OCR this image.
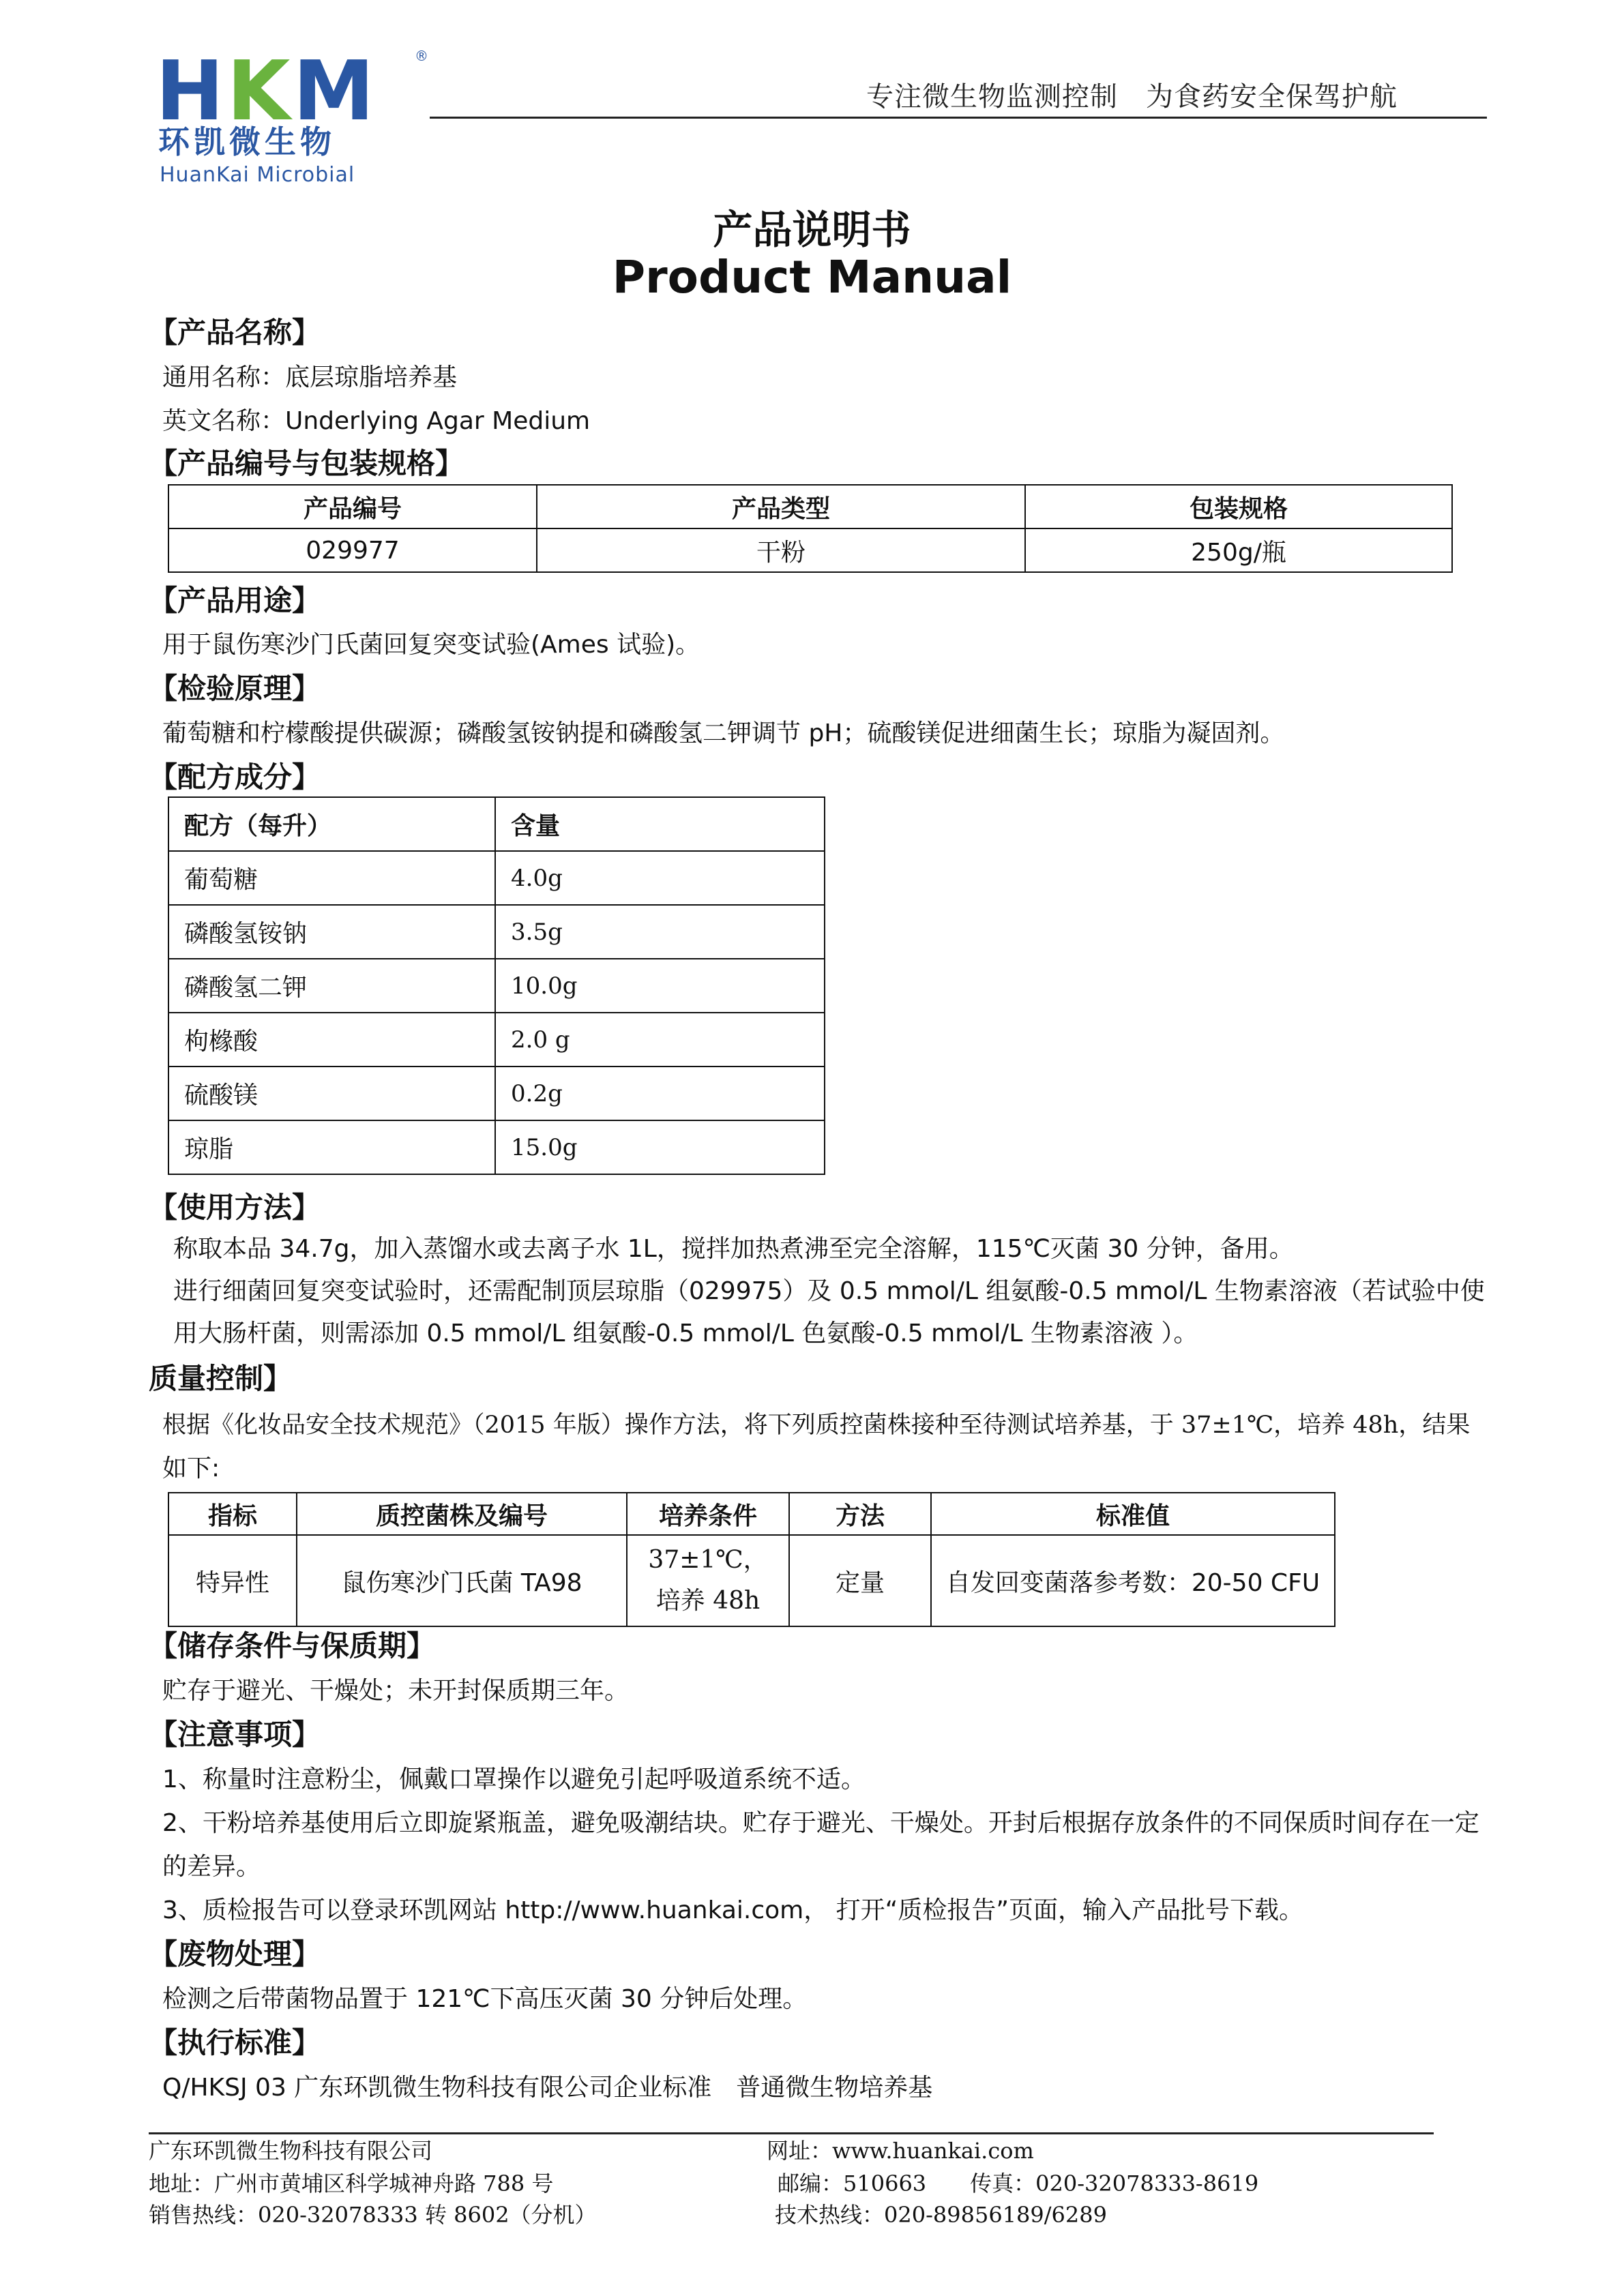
HKM	®
环凯微生物
HuanKai Microbial
专注微生物监测控制　为食药安全保驾护航
产品说明书
Product Manual
【产品名称】
通用名称：底层琼脂培养基
英文名称：Underlying Agar Medium
【产品编号与包装规格】
产品编号	产品类型	包装规格
029977	干粉	250g/瓶
【产品用途】
用于鼠伤寒沙门氏菌回复突变试验(Ames 试验)。
【检验原理】
葡萄糖和柠檬酸提供碳源；磷酸氢铵钠提和磷酸氢二钾调节 pH；硫酸镁促进细菌生长；琼脂为凝固剂。
【配方成分】
配方（每升）	含量
葡萄糖	4.0g
磷酸氢铵钠	3.5g
磷酸氢二钾	10.0g
枸橼酸	2.0 g
硫酸镁	0.2g
琼脂	15.0g
【使用方法】
称取本品 34.7g，加入蒸馏水或去离子水 1L，搅拌加热煮沸至完全溶解，115℃灭菌 30 分钟，备用。
进行细菌回复突变试验时，还需配制顶层琼脂（029975）及 0.5 mmol/L 组氨酸-0.5 mmol/L 生物素溶液（若试验中使
用大肠杆菌，则需添加 0.5 mmol/L 组氨酸-0.5 mmol/L 色氨酸-0.5 mmol/L 生物素溶液 ）。
质量控制】
根据《化妆品安全技术规范》（2015 年版）操作方法，将下列质控菌株接种至待测试培养基，于 37±1℃，培养 48h，结果
如下:
指标	质控菌株及编号	培养条件	方法	标准值
特异性	鼠伤寒沙门氏菌 TA98	37±1℃，
培养 48h	定量	自发回变菌落参考数：20-50 CFU
【储存条件与保质期】
贮存于避光、干燥处；未开封保质期三年。
【注意事项】
1、称量时注意粉尘，佩戴口罩操作以避免引起呼吸道系统不适。
2、干粉培养基使用后立即旋紧瓶盖，避免吸潮结块。贮存于避光、干燥处。开封后根据存放条件的不同保质时间存在一定
的差异。
3、质检报告可以登录环凯网站 http://www.huankai.com， 打开“质检报告”页面，输入产品批号下载。
【废物处理】
检测之后带菌物品置于 121℃下高压灭菌 30 分钟后处理。
【执行标准】
Q/HKSJ 03 广东环凯微生物科技有限公司企业标准　普通微生物培养基
广东环凯微生物科技有限公司
地址：广州市黄埔区科学城神舟路 788 号
销售热线：020-32078333 转 8602（分机）
网址：www.huankai.com
邮编：510663　　传真：020-32078333-8619
技术热线：020-89856189/6289
